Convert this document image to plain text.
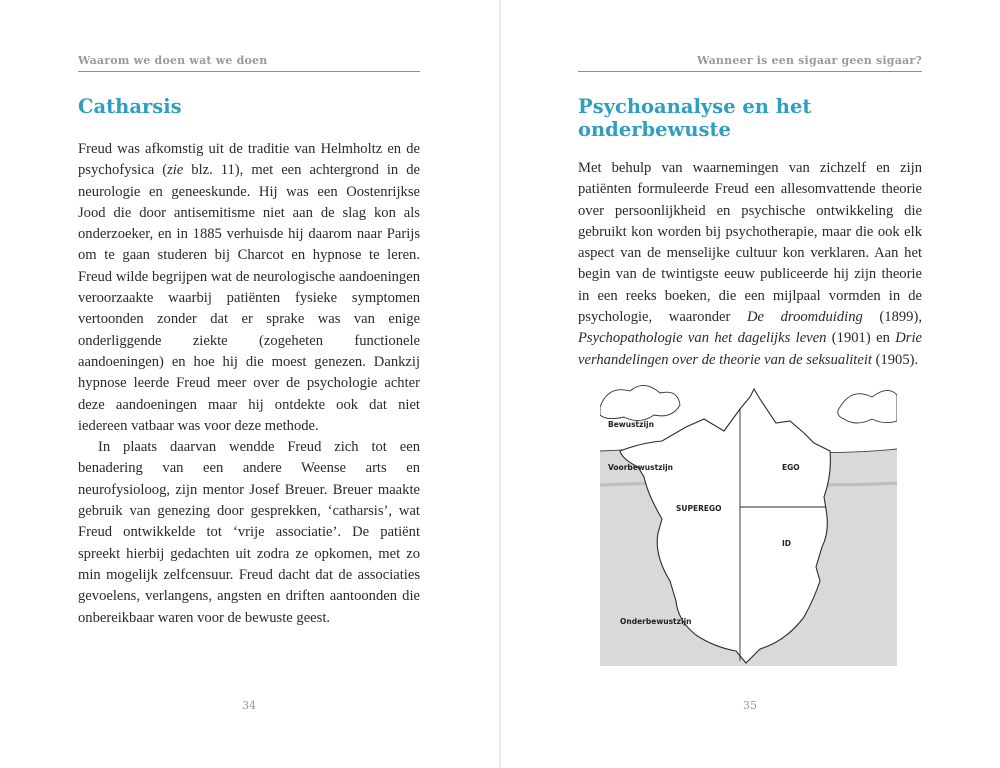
Waarom we doen wat we doen
Catharsis

Freud was afkomstig uit de traditie van Helmholtz en de psychofysica (zie blz. 11), met een achtergrond in de neurologie en geneeskunde. Hij was een Oostenrijkse Jood die door antisemitisme niet aan de slag kon als onderzoeker, en in 1885 verhuisde hij daarom naar Parijs om te gaan studeren bij Charcot en hypnose te leren. Freud wilde begrijpen wat de neurologische aandoeningen veroorzaakte waarbij patiënten fysieke symptomen vertoonden zonder dat er sprake was van enige onderliggende ziekte (zogeheten functionele aandoeningen) en hoe hij die moest genezen. Dankzij hypnose leerde Freud meer over de psychologie achter deze aandoeningen maar hij ontdekte ook dat niet iedereen vatbaar was voor deze methode.

In plaats daarvan wendde Freud zich tot een benadering van een andere Weense arts en neurofysioloog, zijn mentor Josef Breuer. Breuer maakte gebruik van genezing door gesprekken, ‘catharsis’, wat Freud ontwikkelde tot ‘vrije associatie’. De patiënt spreekt hierbij gedachten uit zodra ze opkomen, met zo min mogelijk zelfcensuur. Freud dacht dat de associaties gevoelens, verlangens, angsten en driften aantoonden die onbereikbaar waren voor de bewuste geest.

34
Wanneer is een sigaar geen sigaar?
Psychoanalyse en het
onderbewuste

Met behulp van waarnemingen van zichzelf en zijn patiënten formuleerde Freud een allesomvattende theorie over persoonlijkheid en psychische ontwikkeling die gebruikt kon worden bij psychotherapie, maar die ook elk aspect van de menselijke cultuur kon verklaren. Aan het begin van de twintigste eeuw publiceerde hij zijn theorie in een reeks boeken, die een mijlpaal vormden in de psychologie, waaronder De droomduiding (1899), Psychopathologie van het dagelijks leven (1901) en Drie verhandelingen over de theorie van de seksualiteit (1905).

Bewustzijn
Voorbewustzijn	EGO
SUPEREGO
ID
Onderbewustzijn
35
